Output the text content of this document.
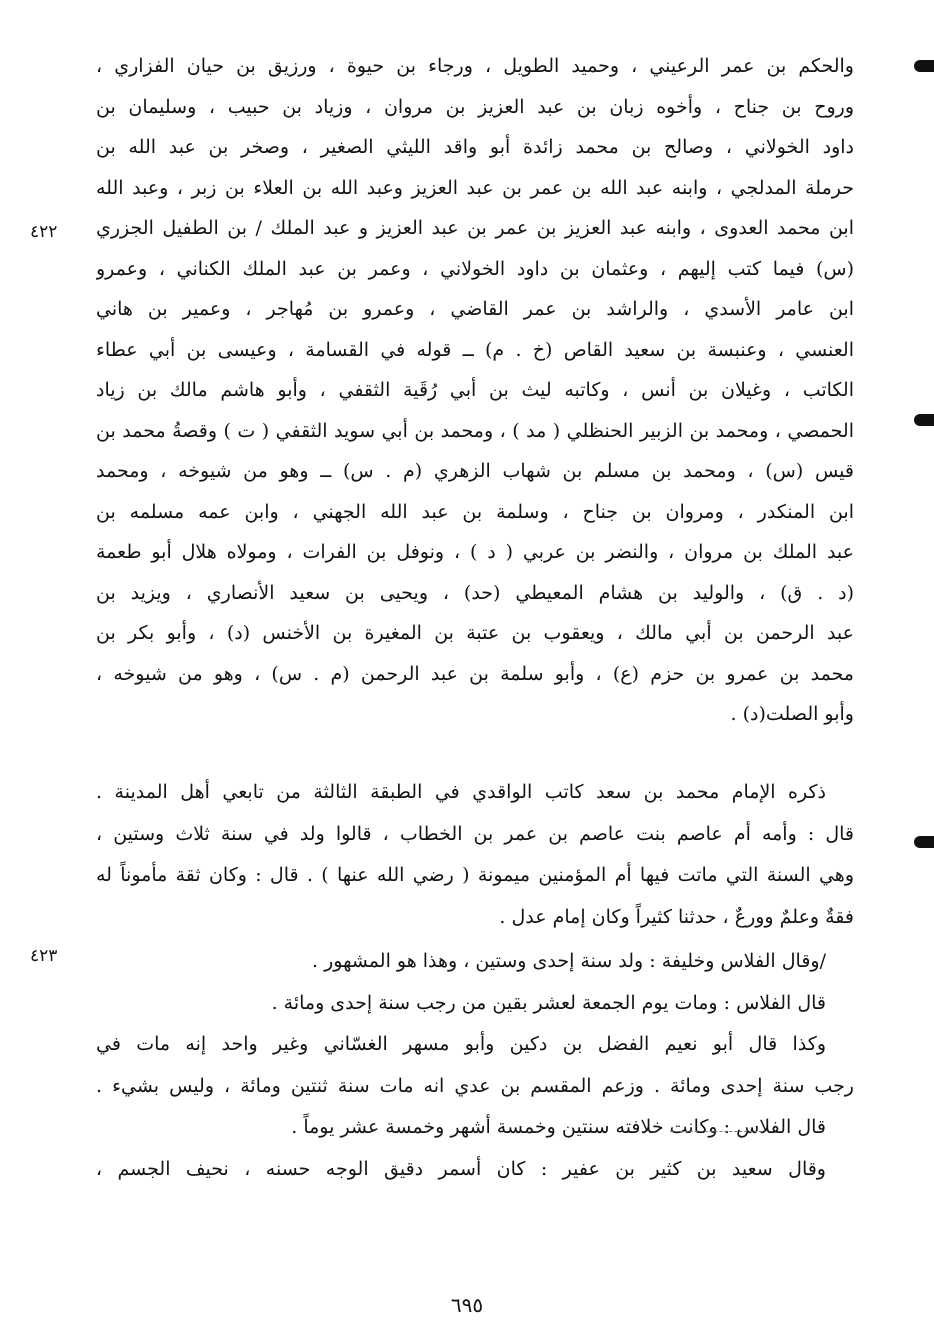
والحكم بن عمر الرعيني ، وحميد الطويل ، ورجاء بن حيوة ، ورزيق بن حيان الفزاري ،
وروح بن جناح ، وأخوه زبان بن عبد العزيز بن مروان ، وزياد بن حبيب ، وسليمان بن
داود الخولاني ، وصالح بن محمد زائدة أبو واقد الليثي الصغير ، وصخر بن عبد الله بن
حرملة المدلجي ، وابنه عبد الله بن عمر بن عبد العزيز وعبد الله بن العلاء بن زبر ، وعبد الله
ابن محمد العدوى ، وابنه عبد العزيز بن عمر بن عبد العزيز و عبد الملك / بن الطفيل الجزري
(س) فيما كتب إليهم ، وعثمان بن داود الخولاني ، وعمر بن عبد الملك الكناني ، وعمرو
ابن عامر الأسدي ، والراشد بن عمر القاضي ، وعمرو بن مُهاجر ، وعمير بن هاني
العنسي ، وعنبسة بن سعيد القاص (خ . م) ــ قوله في القسامة ، وعيسى بن أبي عطاء
الكاتب ، وغيلان بن أنس ، وكاتبه ليث بن أبي رُقَية الثقفي ، وأبو هاشم مالك بن زياد
الحمصي ، ومحمد بن الزبير الحنظلي ( مد ) ، ومحمد بن أبي سويد الثقفي ( ت ) وقصةُ محمد بن
قيس (س) ، ومحمد بن مسلم بن شهاب الزهري (م . س) ــ وهو من شيوخه ، ومحمد
ابن المنكدر ، ومروان بن جناح ، وسلمة بن عبد الله الجهني ، وابن عمه مسلمه بن
عبد الملك بن مروان ، والنضر بن عربي ( د ) ، ونوفل بن الفرات ، ومولاه هلال أبو طعمة
(د . ق) ، والوليد بن هشام المعيطي (حد) ، ويحيى بن سعيد الأنصاري ، ويزيد بن
عبد الرحمن بن أبي مالك ، ويعقوب بن عتبة بن المغيرة بن الأخنس (د) ، وأبو بكر بن
محمد بن عمرو بن حزم (ع) ، وأبو سلمة بن عبد الرحمن (م . س) ، وهو من شيوخه ،
وأبو الصلت(د) .
ذكره الإمام محمد بن سعد كاتب الواقدي في الطبقة الثالثة من تابعي أهل المدينة .
قال : وأمه أم عاصم بنت عاصم بن عمر بن الخطاب ، قالوا ولد في سنة ثلاث وستين ،
وهي السنة التي ماتت فيها أم المؤمنين ميمونة ( رضي الله عنها ) . قال : وكان ثقة مأموناً له
فقةٌ وعلمٌ وورعٌ ، حدثنا كثيراً وكان إمام عدل .
/وقال الفلاس وخليفة : ولد سنة إحدى وستين ، وهذا هو المشهور .
قال الفلاس : ومات يوم الجمعة لعشر بقين من رجب سنة إحدى ومائة .
وكذا قال أبو نعيم الفضل بن دكين وأبو مسهر الغسّاني وغير واحد إنه مات في
رجب سنة إحدى ومائة . وزعم المقسم بن عدي انه مات سنة ثنتين ومائة ، وليس بشيء .
قال الفلاس : وكانت خلافته سنتين وخمسة أشهر وخمسة عشر يوماً .
وقال سعيد بن كثير بن عفير : كان أسمر دقيق الوجه حسنه ، نحيف الجسم ،
٤٢٢
٤٢٣
٦٩٥
